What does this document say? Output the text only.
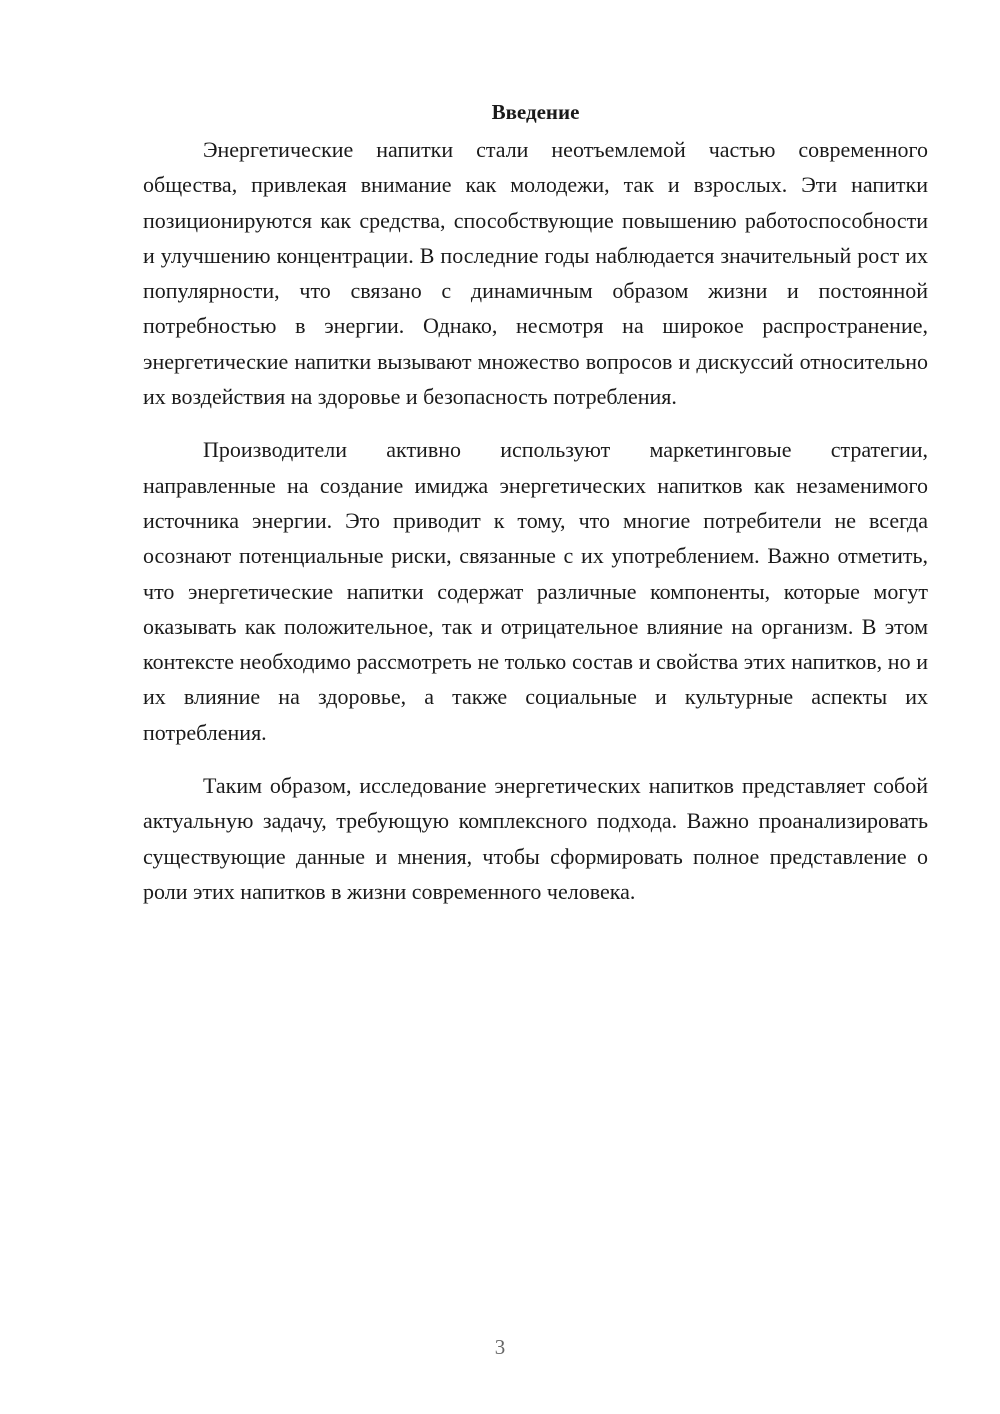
Введение

Энергетические напитки стали неотъемлемой частью современного общества, привлекая внимание как молодежи, так и взрослых. Эти напитки позиционируются как средства, способствующие повышению работоспособности и улучшению концентрации. В последние годы наблюдается значительный рост их популярности, что связано с динамичным образом жизни и постоянной потребностью в энергии. Однако, несмотря на широкое распространение, энергетические напитки вызывают множество вопросов и дискуссий относительно их воздействия на здоровье и безопасность потребления.

Производители активно используют маркетинговые стратегии, направленные на создание имиджа энергетических напитков как незаменимого источника энергии. Это приводит к тому, что многие потребители не всегда осознают потенциальные риски, связанные с их употреблением. Важно отметить, что энергетические напитки содержат различные компоненты, которые могут оказывать как положительное, так и отрицательное влияние на организм. В этом контексте необходимо рассмотреть не только состав и свойства этих напитков, но и их влияние на здоровье, а также социальные и культурные аспекты их потребления.

Таким образом, исследование энергетических напитков представляет собой актуальную задачу, требующую комплексного подхода. Важно проанализировать существующие данные и мнения, чтобы сформировать полное представление о роли этих напитков в жизни современного человека.

3
